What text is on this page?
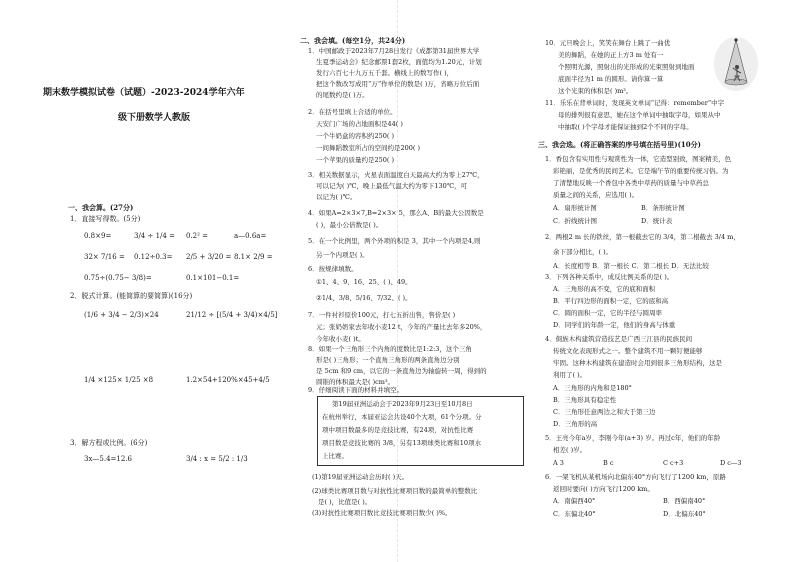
期末数学模拟试卷（试题）-2023-2024学年六年
级下册数学人教版
一、我会算。(27分)
1．直接写得数。(5分)
0.8×9=	3/4 ÷ 1/4 = 0.2² =	a—0.6a=
32× 7/16 = 0.12÷0.3= 2/5 + 3/20 = 8.1× 2/9 =
0.75÷(0.75− 3/8)=	0.1×101−0.1=
2．脱式计算。(能简算的要简算)(16分)
(1/6 + 3/4 − 2/3)×24	21/12 ÷ [(5/4 + 3/4)×4/5]
1/4 ×125× 1/25 ×8	1.2×54+120%×45+4/5
3．解方程或比例。(6分)
3x—5.4=12.6	3/4 : x = 5/2 : 1/3
二、我会填。(每空1分，共24分)
1．中国邮政于2023年7月28日发行《成都第31届世界大学
生夏季运动会》纪念邮票1套2枚，面值均为1.20元，计划
发行六百七十九万五千套。横线上的数写作( )，
把这个数改写成用“万”作单位的数是( )万，省略万位后面
的尾数约是( )万。
2．在括号里填上合适的单位。
天安门广场的占地面积是44( )
一个牛奶盒的容积约250( )
一间舞蹈教室所占的空间约是200( )
一个苹果的质量约是250( )
3．相关数据显示，火星表面温度白天最高大约为零上27℃，
可以记为( )℃，晚上最低气温大约为零下130℃，可
以记为( )℃。
4．如果A=2×3×7,B=2×3× 5，那么A、B的最大公因数是
( )，最小公倍数是( )。
5．在一个比例里，两个外项的积是 3，其中一个内项是4,则
另一个内项是( )。
6．按规律填数。
①1、4、9、16、25、( )、49。
②1/4、3/8、5/16、7/32、( )。
7．一件衬衫原价100元，打七五折出售，售价是( )
元；张奶奶家去年收小麦12 t，今年的产量比去年多20%，
今年收小麦( )t。
8．如果一个三角形三个内角的度数比是1:2:3，这个三角
形是( )三角形；一个直角三角形的两条直角边分别
是 5cm 和9 cm，以它的一条直角边为轴旋转一周，得到的
圆锥的体积最大是( )cm³。
9．仔细阅读下面的材料并填空。
第19届亚洲运动会于2023年9月23日至10月8日
在杭州举行，本届亚运会共设40个大项，61个分项。分
项中项目数最多的是竞技比赛，有24项，对抗性比赛
项目数是竞技比赛的 3/8，另有13项球类比赛和10项水
上比赛。
(1)第19届亚洲运动会历时( )天。
(2)球类比赛项目数与对抗性比赛项目数的最简单的整数比
是( )，比值是( )。
(3)对抗性比赛项目数比竞技比赛项目数少( )%。
10．元旦晚会上，笑笑在舞台上跳了一曲优
美的舞蹈，在她的正上方3 m 处有一
个照明光源，照射出的光形成的光束照射到地面
底面半径为1 m 的圆形。请你算一算
这个光束的体积是( )m³。
11．乐乐在背单词时，发现英文单词“记得：remember”中字
母的排列很有意思，她在这个单词中抽取字母，如果从中
中抽取( )个字母才能保证抽到2个不同的字母。
三、我会选。(将正确答案的序号填在括号里)(10分)
1．香包含有实用性与观赏性为一体，它造型别致，图案精美，色
彩艳丽，是优秀的民间艺术。它是端午节的重要传统习俗。为
了清楚地反映一个香包中各类中草药的质量与中草药总
质量之间的关系，应选用( )。
A．扇形统计图	B．条形统计图
C．折线统计图	D．统计表
2．两根2 m 长的铁丝，第一根截去它的 3/4，第二根截去 3/4 m，
余下部分相比，( )。
A．长度相等 B．第一根长 C．第二根长 D．无法比较
3．下列各种关系中，成反比例关系的是( )。
A．三角形的高不变，它的底和面积
B．平行四边形的面积一定，它的底和高
C．圆的面积一定，它的半径与圆周率
D．同学们的年龄一定，他们的身高与体重
4．侗族木构建筑营造技艺是广西三江县的民族民间
传统文化表现形式之一。整个建筑不用一颗钉便能够
牢固。这种木构建筑在建造时会用到很多三角形结构，这是
利用了( )。
A．三角形的内角和是180°
B．三角形具有稳定性
C．三角形任意两边之和大于第三边
D．三角形的高
5．王亮今年a岁，李刚今年(a+3) 岁。再过c年，他们的年龄
相差( )岁。
A 3	B c	C c+3	D c—3
6．一架飞机从某机场向北偏东40°方向飞行了1200 km，原路
返回时要向( )方向飞行1200 km。
A．南偏西40°	B．西偏南40°
C．东偏北40°	D．北偏东40°
